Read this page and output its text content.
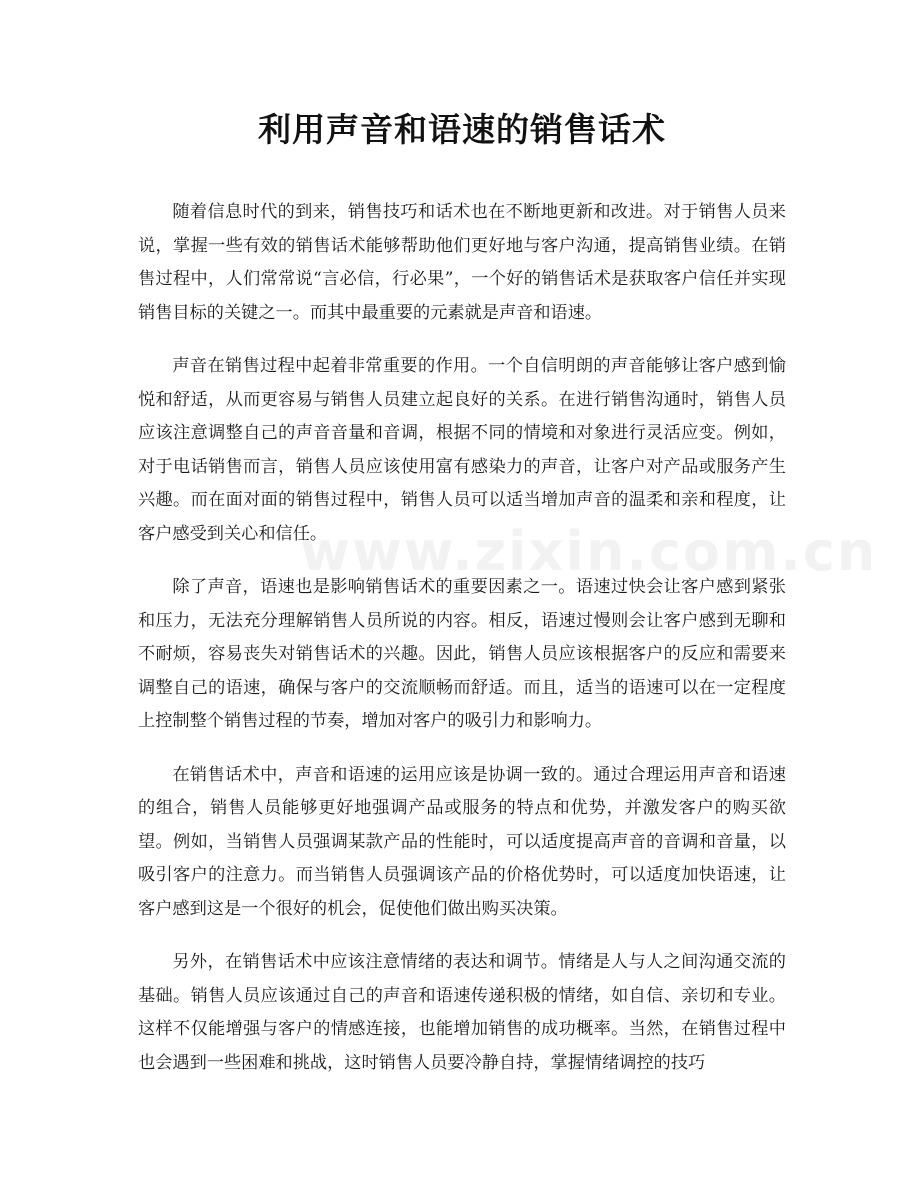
利用声音和语速的销售话术

随着信息时代的到来，销售技巧和话术也在不断地更新和改进。对于销售人员来说，掌握一些有效的销售话术能够帮助他们更好地与客户沟通，提高销售业绩。在销售过程中，人们常常说“言必信，行必果”，一个好的销售话术是获取客户信任并实现销售目标的关键之一。而其中最重要的元素就是声音和语速。

声音在销售过程中起着非常重要的作用。一个自信明朗的声音能够让客户感到愉悦和舒适，从而更容易与销售人员建立起良好的关系。在进行销售沟通时，销售人员应该注意调整自己的声音音量和音调，根据不同的情境和对象进行灵活应变。例如，对于电话销售而言，销售人员应该使用富有感染力的声音，让客户对产品或服务产生兴趣。而在面对面的销售过程中，销售人员可以适当增加声音的温柔和亲和程度，让客户感受到关心和信任。

除了声音，语速也是影响销售话术的重要因素之一。语速过快会让客户感到紧张和压力，无法充分理解销售人员所说的内容。相反，语速过慢则会让客户感到无聊和不耐烦，容易丧失对销售话术的兴趣。因此，销售人员应该根据客户的反应和需要来调整自己的语速，确保与客户的交流顺畅而舒适。而且，适当的语速可以在一定程度上控制整个销售过程的节奏，增加对客户的吸引力和影响力。

在销售话术中，声音和语速的运用应该是协调一致的。通过合理运用声音和语速的组合，销售人员能够更好地强调产品或服务的特点和优势，并激发客户的购买欲望。例如，当销售人员强调某款产品的性能时，可以适度提高声音的音调和音量，以吸引客户的注意力。而当销售人员强调该产品的价格优势时，可以适度加快语速，让客户感到这是一个很好的机会，促使他们做出购买决策。

另外，在销售话术中应该注意情绪的表达和调节。情绪是人与人之间沟通交流的基础。销售人员应该通过自己的声音和语速传递积极的情绪，如自信、亲切和专业。这样不仅能增强与客户的情感连接，也能增加销售的成功概率。当然，在销售过程中也会遇到一些困难和挑战，这时销售人员要冷静自持，掌握情绪调控的技巧

www.zixin.com.cn
